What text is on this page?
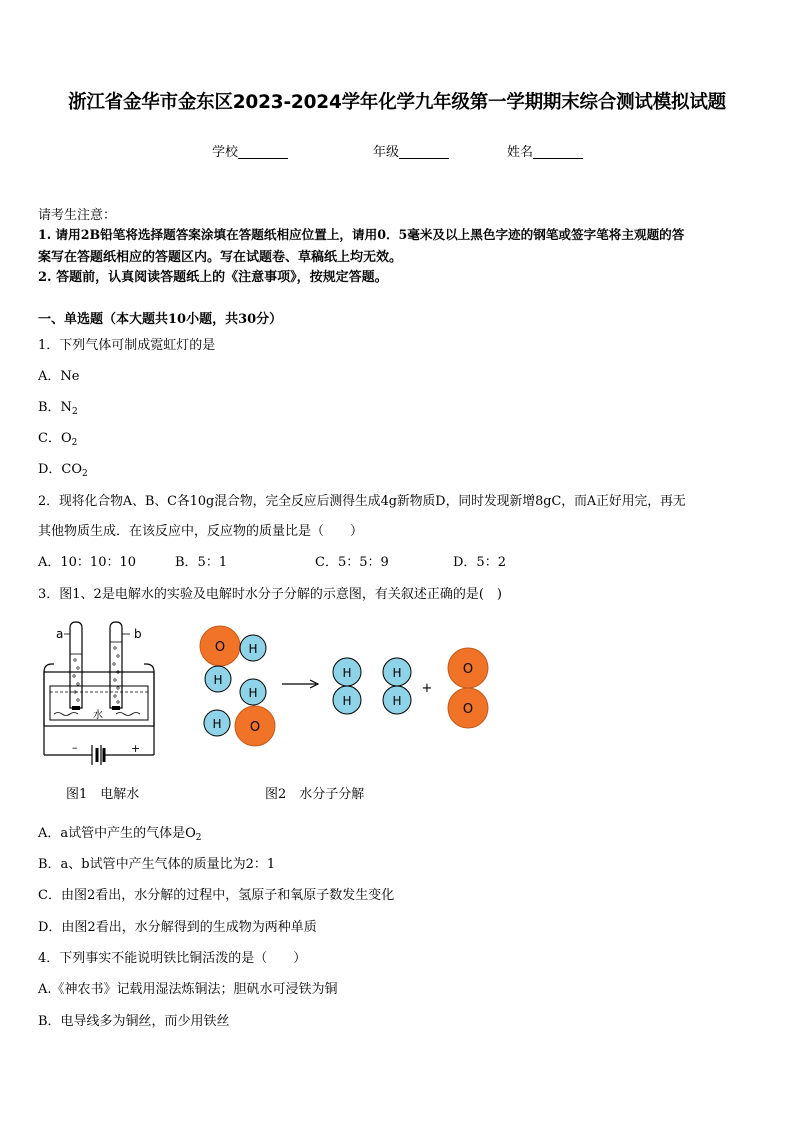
浙江省金华市金东区2023-2024学年化学九年级第一学期期末综合测试模拟试题
学校	年级	姓名
请考生注意：
1. 请用2B铅笔将选择题答案涂填在答题纸相应位置上，请用0．5毫米及以上黑色字迹的钢笔或签字笔将主观题的答
案写在答题纸相应的答题区内。写在试题卷、草稿纸上均无效。
2. 答题前，认真阅读答题纸上的《注意事项》，按规定答题。
一、单选题（本大题共10小题，共30分）
1．下列气体可制成霓虹灯的是
A．Ne
B．$N_2$
C．$O_2$
D．$CO_2$
2．现将化合物A、B、C各10g混合物，完全反应后测得生成4g新物质D，同时发现新增8gC，而A正好用完，再无
其他物质生成．在该反应中，反应物的质量比是（　　）
A．10：10：10	B．5：1	C．5：5：9	D．5：2
3．图1、2是电解水的实验及电解时水分子分解的示意图，有关叙述正确的是(　)
a	b
水
–	+
O H
H
H
O
H
H
H
H
H
+
O
O
图1　电解水	图2　水分子分解
A．a试管中产生的气体是$O_2$
B．a、b试管中产生气体的质量比为2：1
C．由图2看出，水分解的过程中，氢原子和氧原子数发生变化
D．由图2看出，水分解得到的生成物为两种单质
4．下列事实不能说明铁比铜活泼的是（　　）
A.《神农书》记载用湿法炼铜法；胆矾水可浸铁为铜
B．电导线多为铜丝，而少用铁丝
